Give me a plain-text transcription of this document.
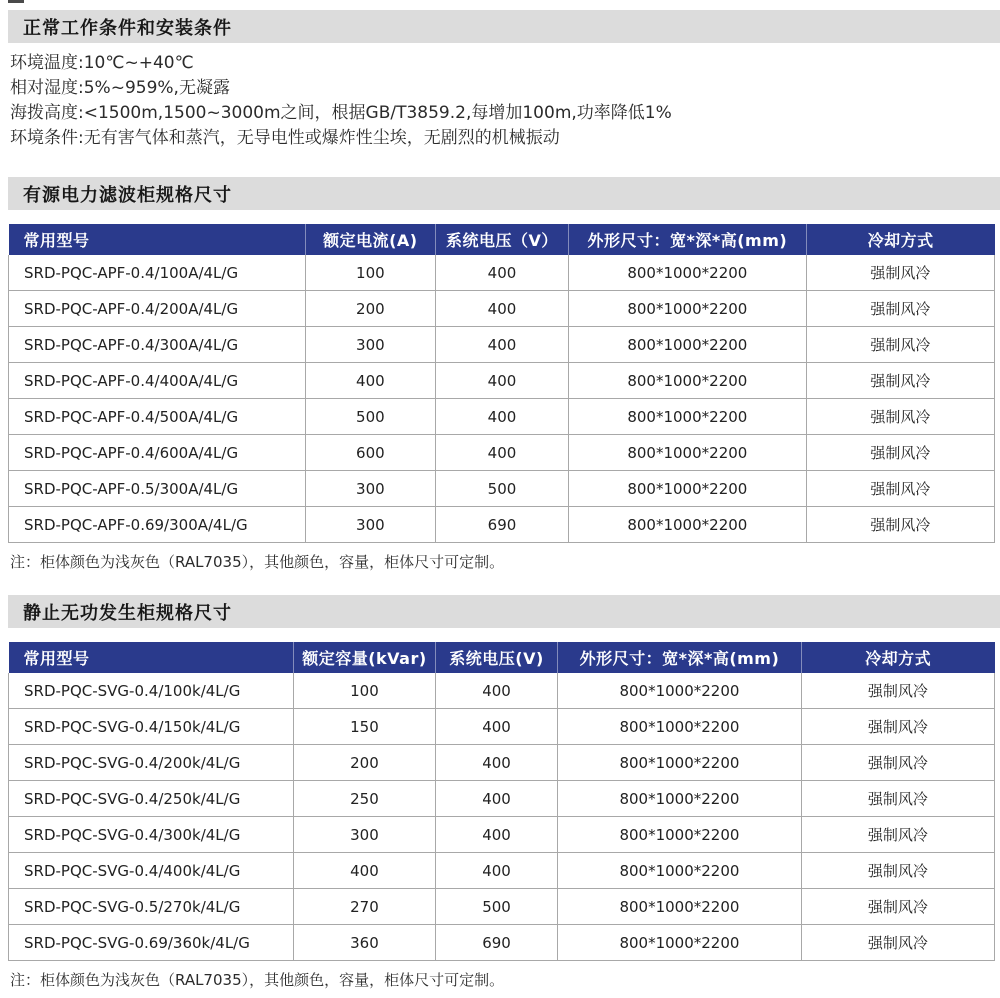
正常工作条件和安装条件
环境温度:10℃~+40℃
相对湿度:5%~959%,无凝露
海拨高度:<1500m,1500~3000m之间，根据GB/T3859.2,每增加100m,功率降低1%
环境条件:无有害气体和蒸汽，无导电性或爆炸性尘埃，无剧烈的机械振动
有源电力滤波柜规格尺寸
常用型号	额定电流(A)	系统电压（V）	外形尺寸：宽*深*高(mm)	冷却方式
SRD-PQC-APF-0.4/100A/4L/G	100	400	800*1000*2200	强制风冷
SRD-PQC-APF-0.4/200A/4L/G	200	400	800*1000*2200	强制风冷
SRD-PQC-APF-0.4/300A/4L/G	300	400	800*1000*2200	强制风冷
SRD-PQC-APF-0.4/400A/4L/G	400	400	800*1000*2200	强制风冷
SRD-PQC-APF-0.4/500A/4L/G	500	400	800*1000*2200	强制风冷
SRD-PQC-APF-0.4/600A/4L/G	600	400	800*1000*2200	强制风冷
SRD-PQC-APF-0.5/300A/4L/G	300	500	800*1000*2200	强制风冷
SRD-PQC-APF-0.69/300A/4L/G	300	690	800*1000*2200	强制风冷
注：柜体颜色为浅灰色（RAL7035），其他颜色，容量，柜体尺寸可定制。
静止无功发生柜规格尺寸
常用型号	额定容量(kVar)	系统电压(V)	外形尺寸：宽*深*高(mm)	冷却方式
SRD-PQC-SVG-0.4/100k/4L/G	100	400	800*1000*2200	强制风冷
SRD-PQC-SVG-0.4/150k/4L/G	150	400	800*1000*2200	强制风冷
SRD-PQC-SVG-0.4/200k/4L/G	200	400	800*1000*2200	强制风冷
SRD-PQC-SVG-0.4/250k/4L/G	250	400	800*1000*2200	强制风冷
SRD-PQC-SVG-0.4/300k/4L/G	300	400	800*1000*2200	强制风冷
SRD-PQC-SVG-0.4/400k/4L/G	400	400	800*1000*2200	强制风冷
SRD-PQC-SVG-0.5/270k/4L/G	270	500	800*1000*2200	强制风冷
SRD-PQC-SVG-0.69/360k/4L/G	360	690	800*1000*2200	强制风冷
注：柜体颜色为浅灰色（RAL7035），其他颜色，容量，柜体尺寸可定制。
